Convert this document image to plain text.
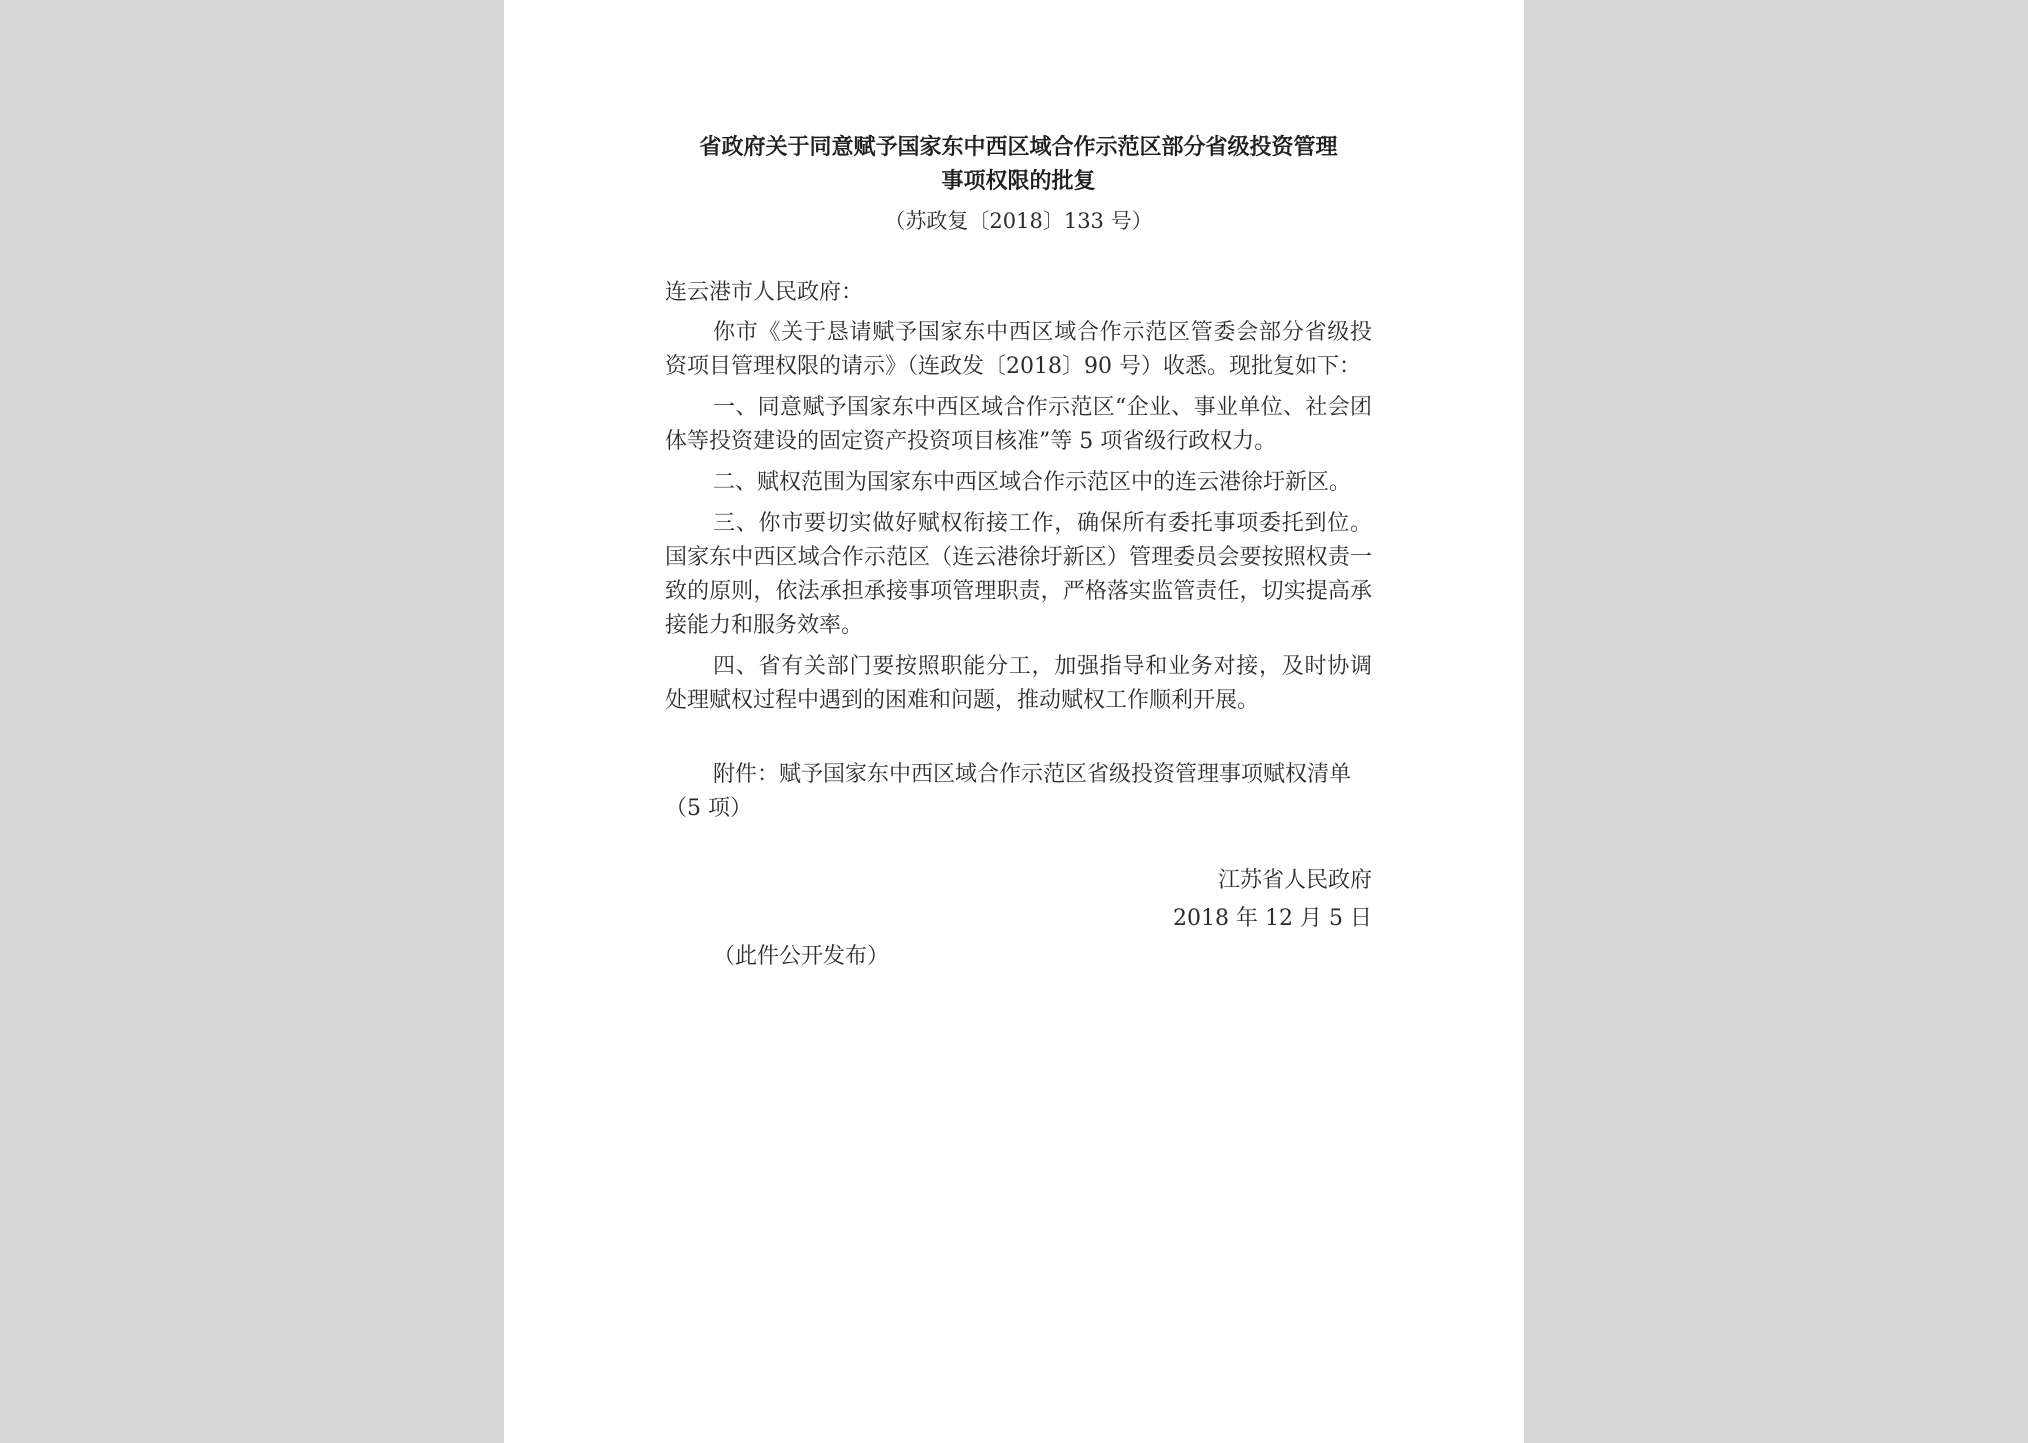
省政府关于同意赋予国家东中西区域合作示范区部分省级投资管理
事项权限的批复
（苏政复〔2018〕133 号）
连云港市人民政府：

你市《关于恳请赋予国家东中西区域合作示范区管委会部分省级投资项目管理权限的请示》（连政发〔2018〕90 号）收悉。现批复如下：

一、同意赋予国家东中西区域合作示范区“企业、事业单位、社会团体等投资建设的固定资产投资项目核准”等 5 项省级行政权力。

二、赋权范围为国家东中西区域合作示范区中的连云港徐圩新区。

三、你市要切实做好赋权衔接工作，确保所有委托事项委托到位。国家东中西区域合作示范区（连云港徐圩新区）管理委员会要按照权责一致的原则，依法承担承接事项管理职责，严格落实监管责任，切实提高承接能力和服务效率。

四、省有关部门要按照职能分工，加强指导和业务对接，及时协调处理赋权过程中遇到的困难和问题，推动赋权工作顺利开展。

附件：赋予国家东中西区域合作示范区省级投资管理事项赋权清单（5 项）
江苏省人民政府
2018 年 12 月 5 日
（此件公开发布）
